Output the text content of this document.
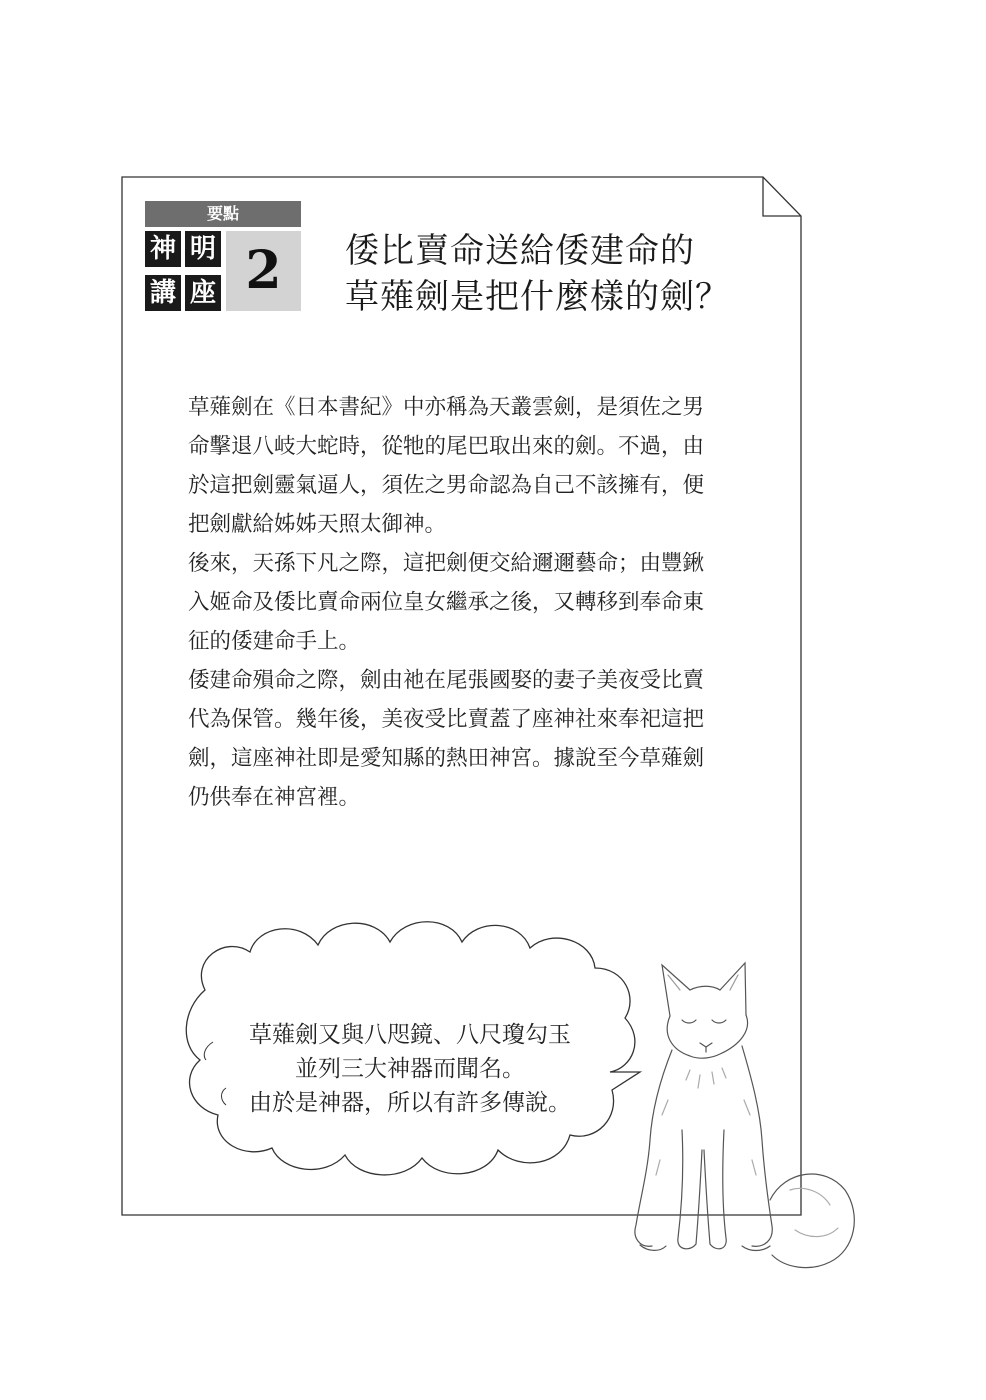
要點
神 明
講 座 2	倭比賣命送給倭建命的
草薙劍是把什麼樣的劍？

草薙劍在《日本書紀》中亦稱為天叢雲劍，是須佐之男
命擊退八岐大蛇時，從牠的尾巴取出來的劍。不過，由
於這把劍靈氣逼人，須佐之男命認為自己不該擁有，便
把劍獻給姊姊天照太御神。

後來，天孫下凡之際，這把劍便交給邇邇藝命；由豐鍬
入姬命及倭比賣命兩位皇女繼承之後，又轉移到奉命東
征的倭建命手上。

倭建命殞命之際，劍由祂在尾張國娶的妻子美夜受比賣
代為保管。幾年後，美夜受比賣蓋了座神社來奉祀這把
劍，這座神社即是愛知縣的熱田神宮。據說至今草薙劍
仍供奉在神宮裡。

草薙劍又與八咫鏡、八尺瓊勾玉
並列三大神器而聞名。
由於是神器，所以有許多傳說。
